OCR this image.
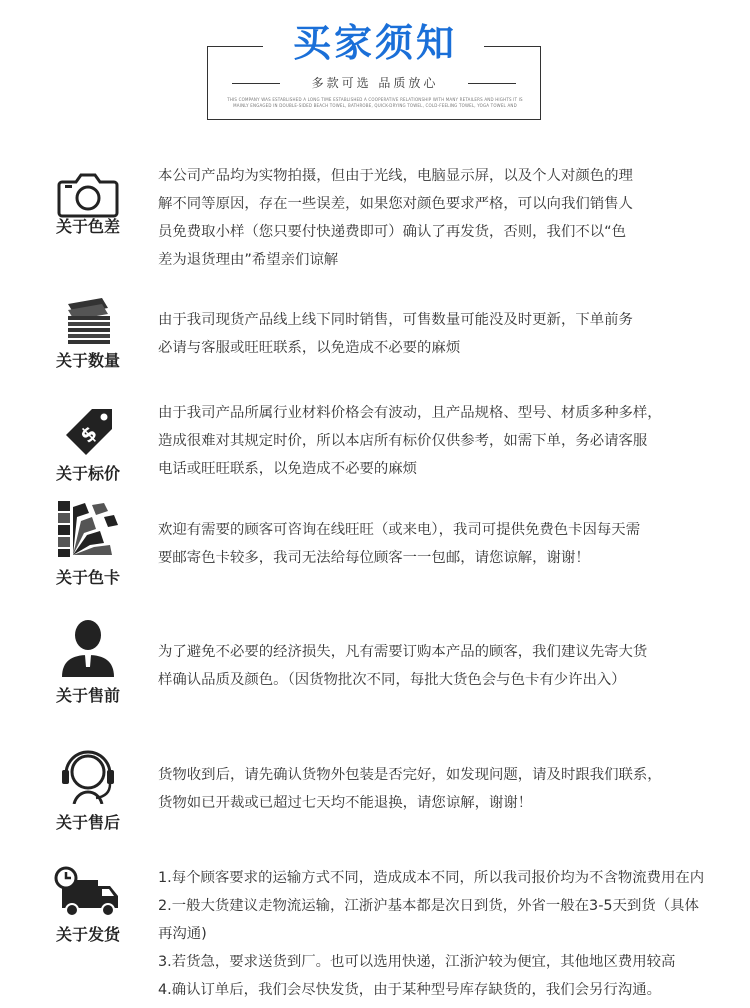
买家须知
多款可选 品质放心
THIS COMPANY WAS ESTABLISHED A LONG TIME ESTABLISHED A COOPERATIVE RELATIONSHIP WITH MANY RETAILERS AND HIGHTS IT IS MAINLY ENGAGED IN DOUBLE-SIDED BEACH TOWEL, BATHROBE, QUICK-DRYING TOWEL, COLD-FEELING TOWEL, YOGA TOWEL AND
关于色差

本公司产品均为实物拍摄，但由于光线，电脑显示屏，以及个人对颜色的理

解不同等原因，存在一些误差，如果您对颜色要求严格，可以向我们销售人

员免费取小样（您只要付快递费即可）确认了再发货，否则，我们不以“色

差为退货理由”希望亲们谅解

关于数量

由于我司现货产品线上线下同时销售，可售数量可能没及时更新，下单前务

必请与客服或旺旺联系，以免造成不必要的麻烦

$
关于标价

由于我司产品所属行业材料价格会有波动，且产品规格、型号、材质多种多样，

造成很难对其规定时价，所以本店所有标价仅供参考，如需下单，务必请客服

电话或旺旺联系，以免造成不必要的麻烦

关于色卡

欢迎有需要的顾客可咨询在线旺旺（或来电），我司可提供免费色卡因每天需

要邮寄色卡较多，我司无法给每位顾客一一包邮，请您谅解，谢谢！

关于售前

为了避免不必要的经济损失，凡有需要订购本产品的顾客，我们建议先寄大货

样确认品质及颜色。（因货物批次不同，每批大货色会与色卡有少许出入）

关于售后

货物收到后，请先确认货物外包装是否完好，如发现问题，请及时跟我们联系，

货物如已开裁或已超过七天均不能退换，请您谅解，谢谢！

关于发货

1.每个顾客要求的运输方式不同，造成成本不同，所以我司报价均为不含物流费用在内

2.一般大货建议走物流运输，江浙沪基本都是次日到货，外省一般在3-5天到货（具体

再沟通)

3.若货急，要求送货到厂。也可以选用快递，江浙沪较为便宜，其他地区费用较高

4.确认订单后，我们会尽快发货，由于某种型号库存缺货的，我们会另行沟通。
